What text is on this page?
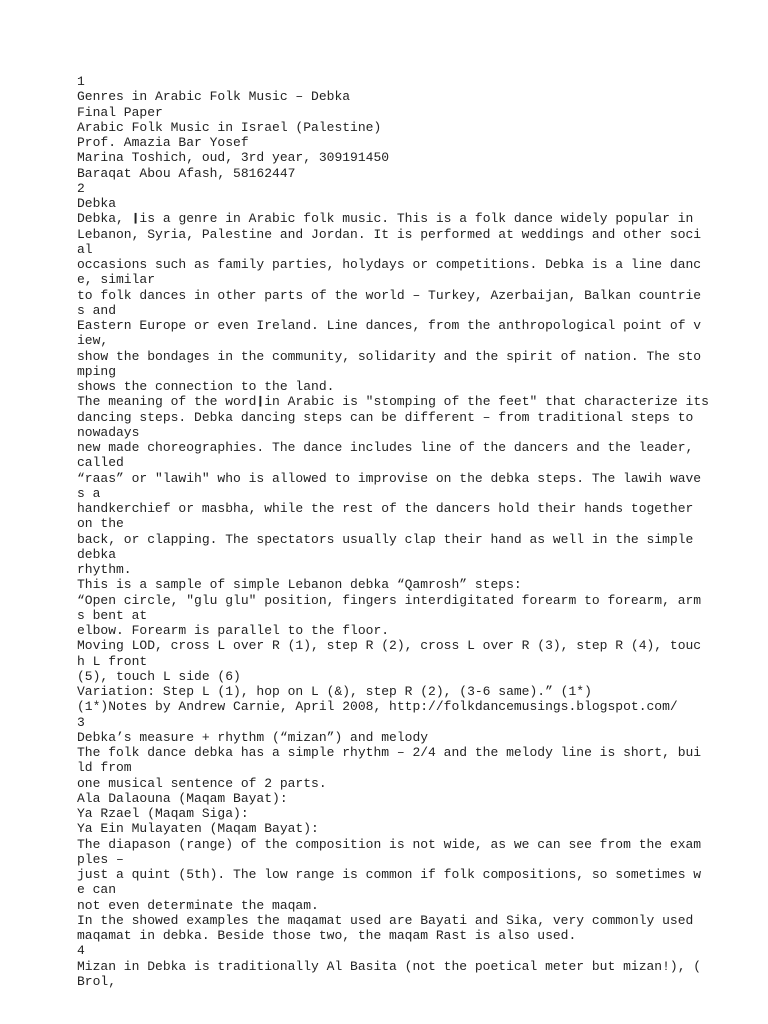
1
Genres in Arabic Folk Music – Debka
Final Paper
Arabic Folk Music in Israel (Palestine)
Prof. Amazia Bar Yosef
Marina Toshich, oud, 3rd year, 309191450
Baraqat Abou Afash, 58162447
2
Debka
Debka, ❙is a genre in Arabic folk music. This is a folk dance widely popular in
Lebanon, Syria, Palestine and Jordan. It is performed at weddings and other soci
al
occasions such as family parties, holydays or competitions. Debka is a line danc
e, similar
to folk dances in other parts of the world – Turkey, Azerbaijan, Balkan countrie
s and
Eastern Europe or even Ireland. Line dances, from the anthropological point of v
iew,
show the bondages in the community, solidarity and the spirit of nation. The sto
mping
shows the connection to the land.
The meaning of the word❙in Arabic is "stomping of the feet" that characterize its
dancing steps. Debka dancing steps can be different – from traditional steps to
nowadays
new made choreographies. The dance includes line of the dancers and the leader,
called
“raas” or "lawih" who is allowed to improvise on the debka steps. The lawih wave
s a
handkerchief or masbha, while the rest of the dancers hold their hands together
on the
back, or clapping. The spectators usually clap their hand as well in the simple
debka
rhythm.
This is a sample of simple Lebanon debka “Qamrosh” steps:
“Open circle, "glu glu" position, fingers interdigitated forearm to forearm, arm
s bent at
elbow. Forearm is parallel to the floor.
Moving LOD, cross L over R (1), step R (2), cross L over R (3), step R (4), touc
h L front
(5), touch L side (6)
Variation: Step L (1), hop on L (&), step R (2), (3-6 same).” (1*)
(1*)Notes by Andrew Carnie, April 2008, http://folkdancemusings.blogspot.com/
3
Debka’s measure + rhythm (“mizan”) and melody
The folk dance debka has a simple rhythm – 2/4 and the melody line is short, bui
ld from
one musical sentence of 2 parts.
Ala Dalaouna (Maqam Bayat):
Ya Rzael (Maqam Siga):
Ya Ein Mulayaten (Maqam Bayat):
The diapason (range) of the composition is not wide, as we can see from the exam
ples –
just a quint (5th). The low range is common if folk compositions, so sometimes w
e can
not even determinate the maqam.
In the showed examples the maqamat used are Bayati and Sika, very commonly used
maqamat in debka. Beside those two, the maqam Rast is also used.
4
Mizan in Debka is traditionally Al Basita (not the poetical meter but mizan!), (
Brol,
